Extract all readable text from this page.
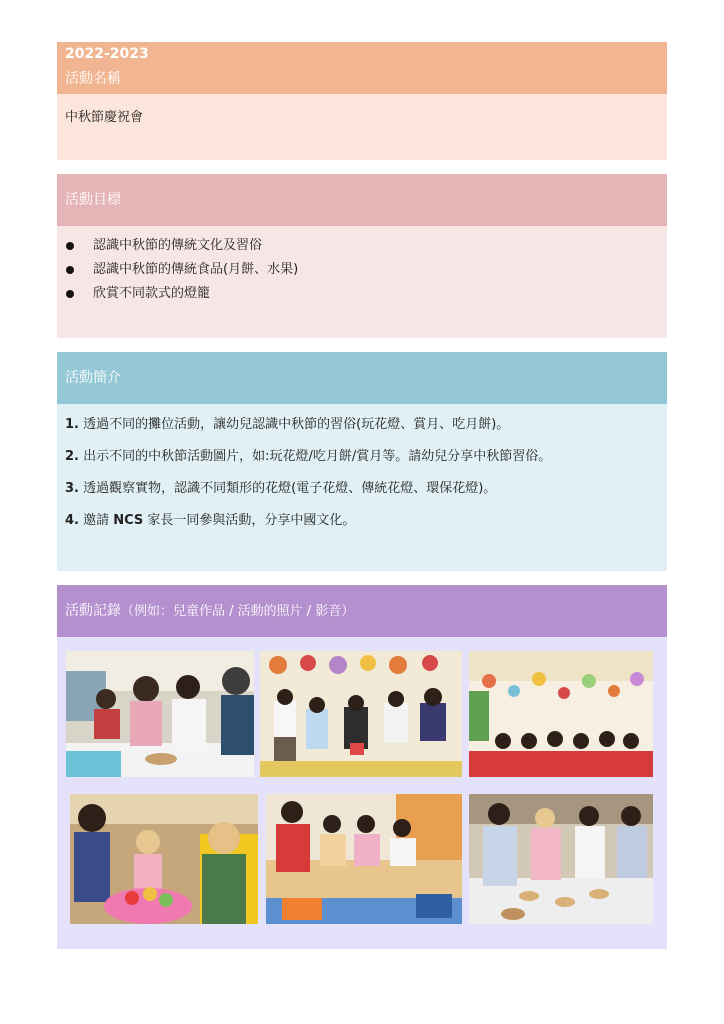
2022-2023
活動名稱
中秋節慶祝會
活動目標
認識中秋節的傳統文化及習俗
認識中秋節的傳統食品(月餅、水果)
欣賞不同款式的燈籠
活動簡介

1. 透過不同的攤位活動，讓幼兒認識中秋節的習俗(玩花燈、賞月、吃月餅)。

2. 出示不同的中秋節活動圖片，如:玩花燈/吃月餅/賞月等。請幼兒分享中秋節習俗。

3. 透過觀察實物，認識不同類形的花燈(電子花燈、傳統花燈、環保花燈)。

4. 邀請 NCS 家長一同參與活動，分享中國文化。

活動記錄（例如：兒童作品 / 活動的照片 / 影音）
